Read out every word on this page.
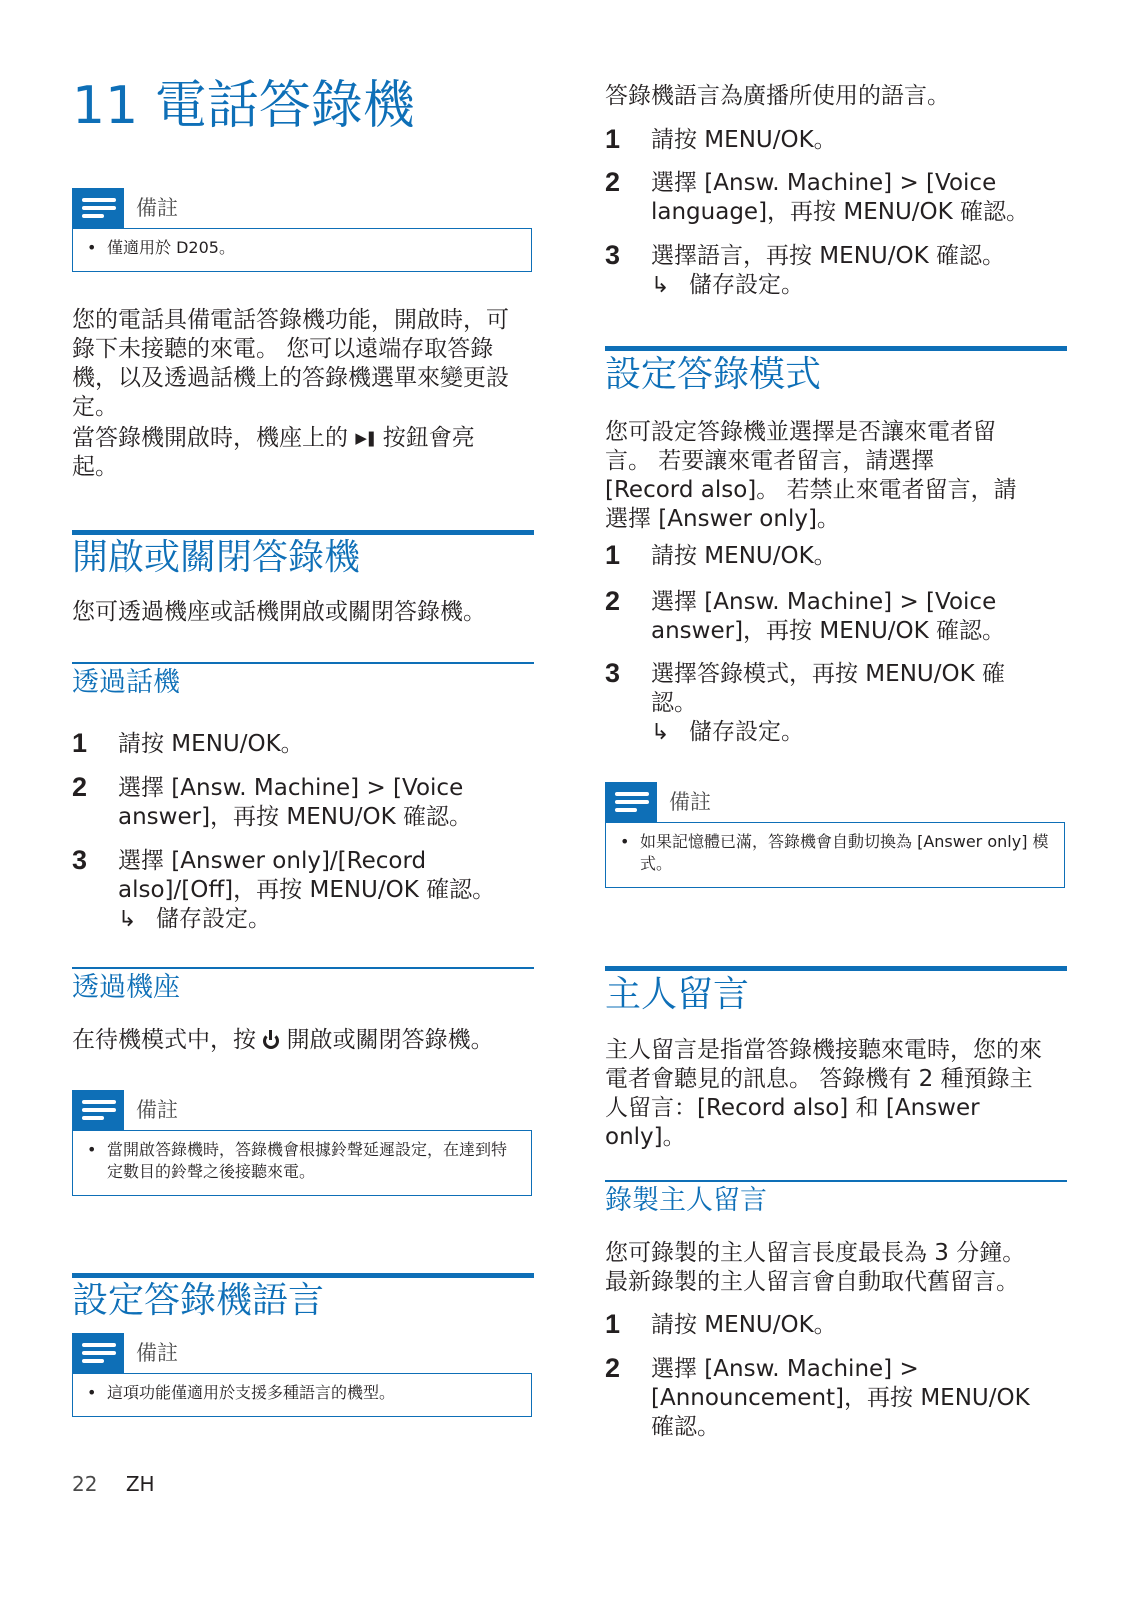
11 電話答錄機
備註
• 僅適用於 D205。

您的電話具備電話答錄機功能，開啟時，可錄下未接聽的來電。 您可以遠端存取答錄機，以及透過話機上的答錄機選單來變更設定。

當答錄機開啟時，機座上的 ▶❚ 按鈕會亮起。

開啟或關閉答錄機

您可透過機座或話機開啟或關閉答錄機。

透過話機
1 請按 MENU/OK。
2 選擇 [Answ. Machine] > [Voice answer]，再按 MENU/OK 確認。
3 選擇 [Answer only]/[Record also]/[Off]，再按 MENU/OK 確認。
↳ 儲存設定。
透過機座

在待機模式中，按 開啟或關閉答錄機。

備註
• 當開啟答錄機時，答錄機會根據鈴聲延遲設定，在達到特定數目的鈴聲之後接聽來電。
設定答錄機語言
備註
• 這項功能僅適用於支援多種語言的機型。

答錄機語言為廣播所使用的語言。

1 請按 MENU/OK。
2 選擇 [Answ. Machine] > [Voice language]，再按 MENU/OK 確認。
3 選擇語言，再按 MENU/OK 確認。
↳ 儲存設定。
設定答錄模式

您可設定答錄機並選擇是否讓來電者留言。 若要讓來電者留言，請選擇 [Record also]。 若禁止來電者留言，請選擇 [Answer only]。

1 請按 MENU/OK。
2 選擇 [Answ. Machine] > [Voice answer]，再按 MENU/OK 確認。
3 選擇答錄模式，再按 MENU/OK 確認。
↳ 儲存設定。
備註
• 如果記憶體已滿，答錄機會自動切換為 [Answer only] 模式。
主人留言

主人留言是指當答錄機接聽來電時，您的來電者會聽見的訊息。 答錄機有 2 種預錄主人留言：[Record also] 和 [Answer only]。

錄製主人留言

您可錄製的主人留言長度最長為 3 分鐘。最新錄製的主人留言會自動取代舊留言。

1 請按 MENU/OK。
2 選擇 [Answ. Machine] > [Announcement]，再按 MENU/OK 確認。
22 ZH
